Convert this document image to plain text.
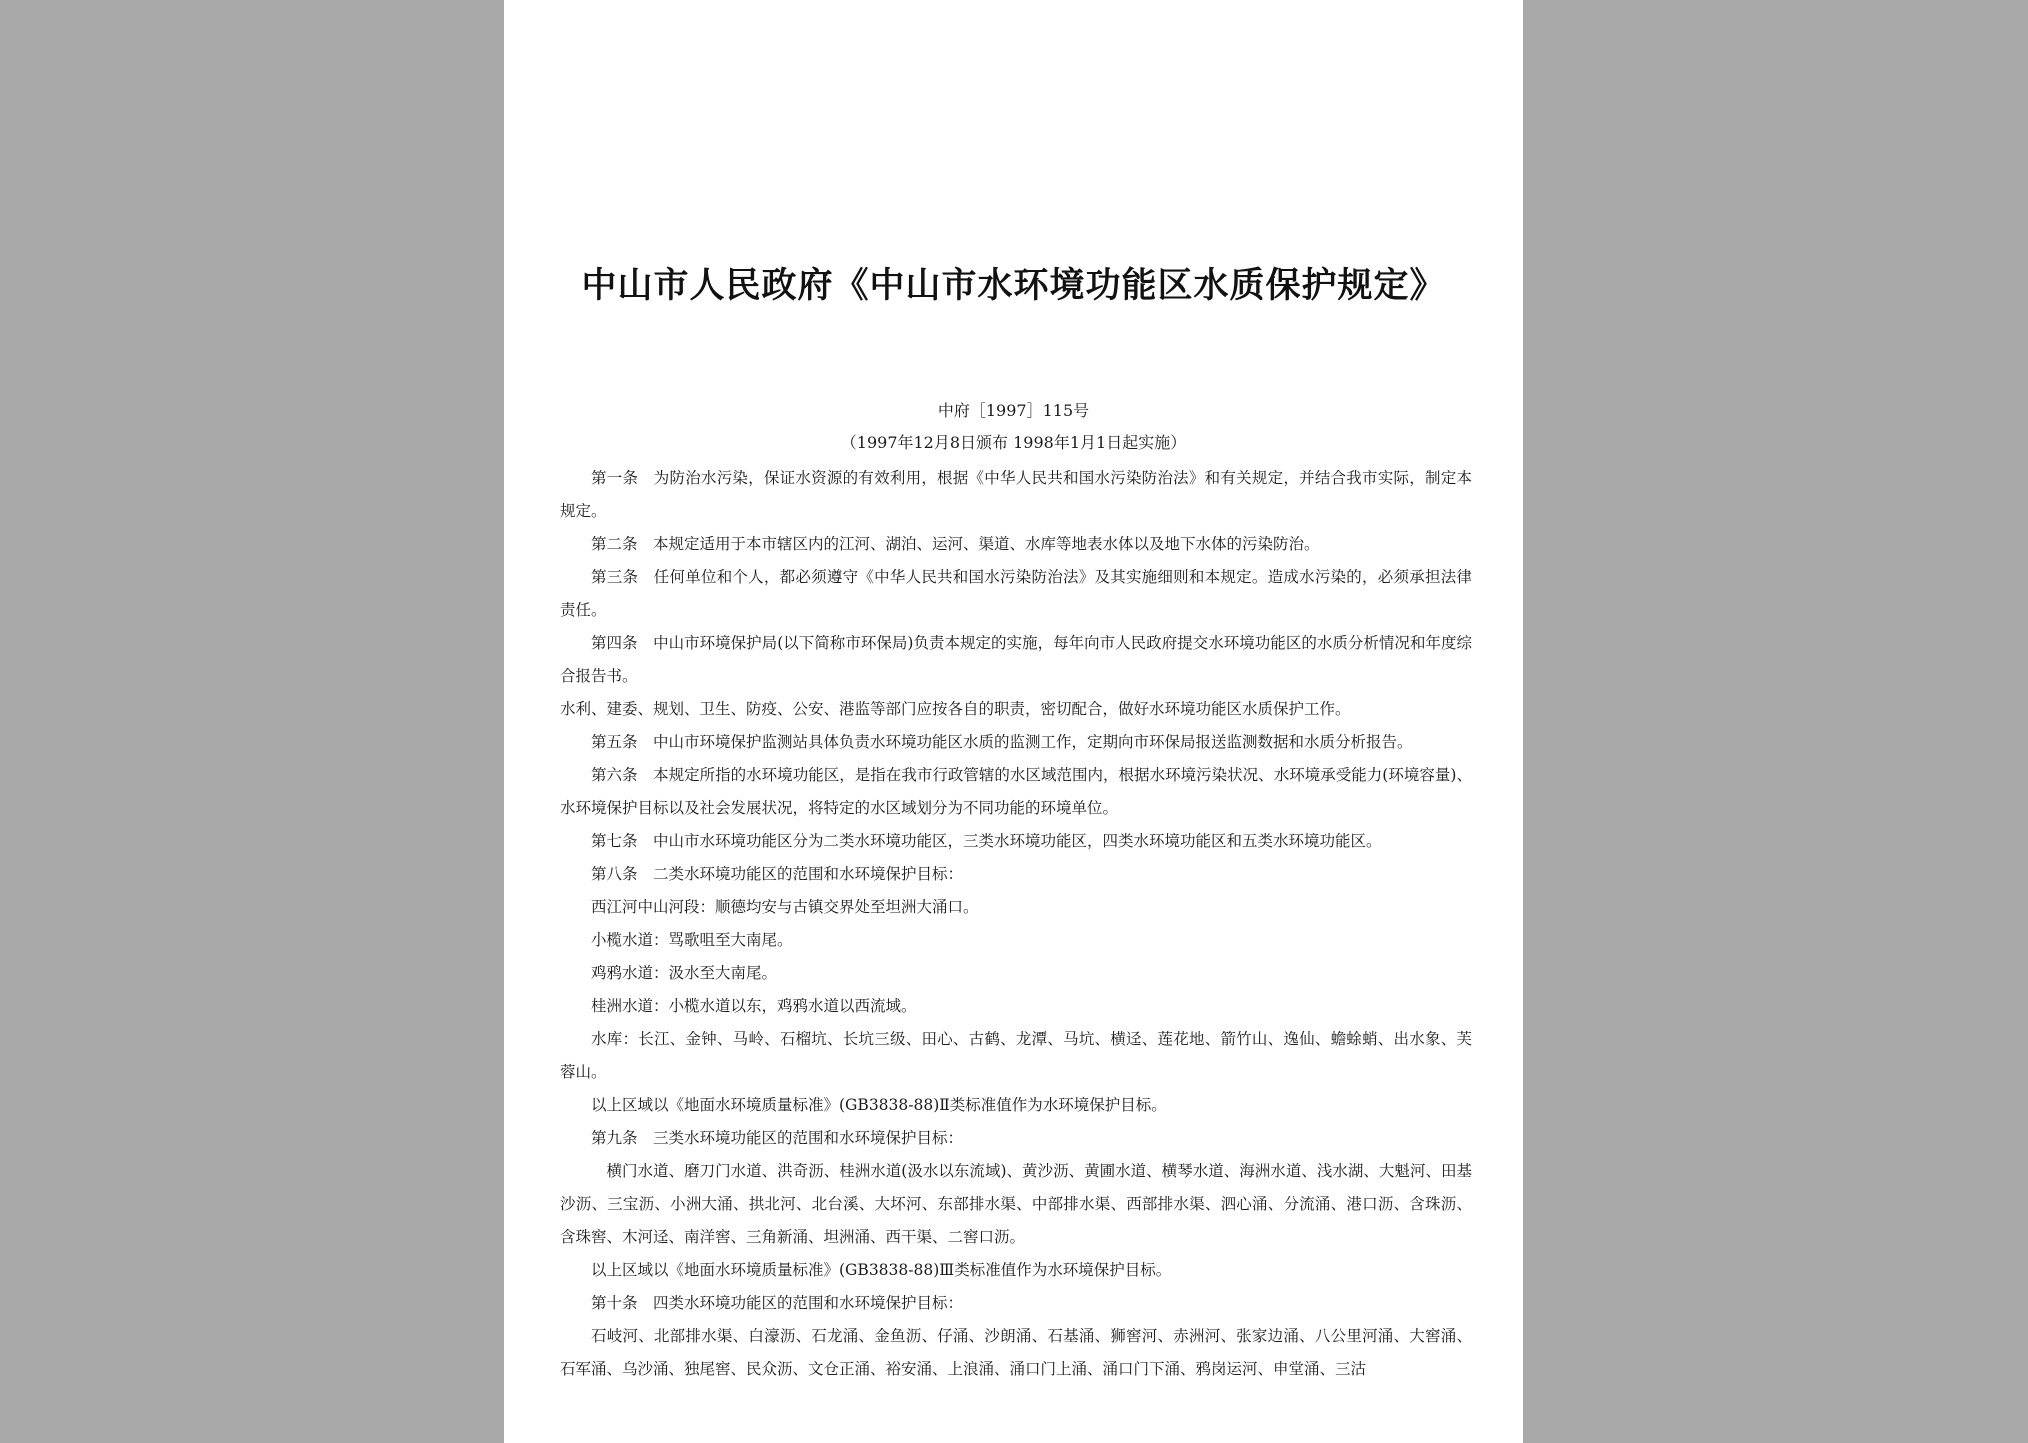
中山市人民政府《中山市水环境功能区水质保护规定》
中府［1997］115号
（1997年12月8日颁布 1998年1月1日起实施）

第一条 为防治水污染，保证水资源的有效利用，根据《中华人民共和国水污染防治法》和有关规定，并结合我市实际，制定本规定。

第二条 本规定适用于本市辖区内的江河、湖泊、运河、渠道、水库等地表水体以及地下水体的污染防治。

第三条 任何单位和个人，都必须遵守《中华人民共和国水污染防治法》及其实施细则和本规定。造成水污染的，必须承担法律责任。

第四条 中山市环境保护局(以下简称市环保局)负责本规定的实施，每年向市人民政府提交水环境功能区的水质分析情况和年度综合报告书。

水利、建委、规划、卫生、防疫、公安、港监等部门应按各自的职责，密切配合，做好水环境功能区水质保护工作。

第五条 中山市环境保护监测站具体负责水环境功能区水质的监测工作，定期向市环保局报送监测数据和水质分析报告。

第六条 本规定所指的水环境功能区，是指在我市行政管辖的水区域范围内，根据水环境污染状况、水环境承受能力(环境容量)、水环境保护目标以及社会发展状况，将特定的水区域划分为不同功能的环境单位。

第七条 中山市水环境功能区分为二类水环境功能区，三类水环境功能区，四类水环境功能区和五类水环境功能区。

第八条 二类水环境功能区的范围和水环境保护目标：

西江河中山河段：顺德均安与古镇交界处至坦洲大涌口。

小榄水道：骂歌咀至大南尾。

鸡鸦水道：汲水至大南尾。

桂洲水道：小榄水道以东，鸡鸦水道以西流域。

水库：长江、金钟、马岭、石榴坑、长坑三级、田心、古鹤、龙潭、马坑、横迳、莲花地、箭竹山、逸仙、蟾蜍蛸、出水象、芙蓉山。

以上区域以《地面水环境质量标准》(GB3838-88)Ⅱ类标准值作为水环境保护目标。

第九条 三类水环境功能区的范围和水环境保护目标：

横门水道、磨刀门水道、洪奇沥、桂洲水道(汲水以东流域)、黄沙沥、黄圃水道、横琴水道、海洲水道、浅水湖、大魁河、田基沙沥、三宝沥、小洲大涌、拱北河、北台溪、大坏河、东部排水渠、中部排水渠、西部排水渠、泗心涌、分流涌、港口沥、含珠沥、含珠窖、木河迳、南洋窖、三角新涌、坦洲涌、西干渠、二窖口沥。

以上区域以《地面水环境质量标准》(GB3838-88)Ⅲ类标准值作为水环境保护目标。

第十条 四类水环境功能区的范围和水环境保护目标：

石岐河、北部排水渠、白濠沥、石龙涌、金鱼沥、仔涌、沙朗涌、石基涌、狮窖河、赤洲河、张家边涌、八公里河涌、大窖涌、石军涌、乌沙涌、独尾窖、民众沥、文仓正涌、裕安涌、上浪涌、涌口门上涌、涌口门下涌、鸦岗运河、申堂涌、三沽
